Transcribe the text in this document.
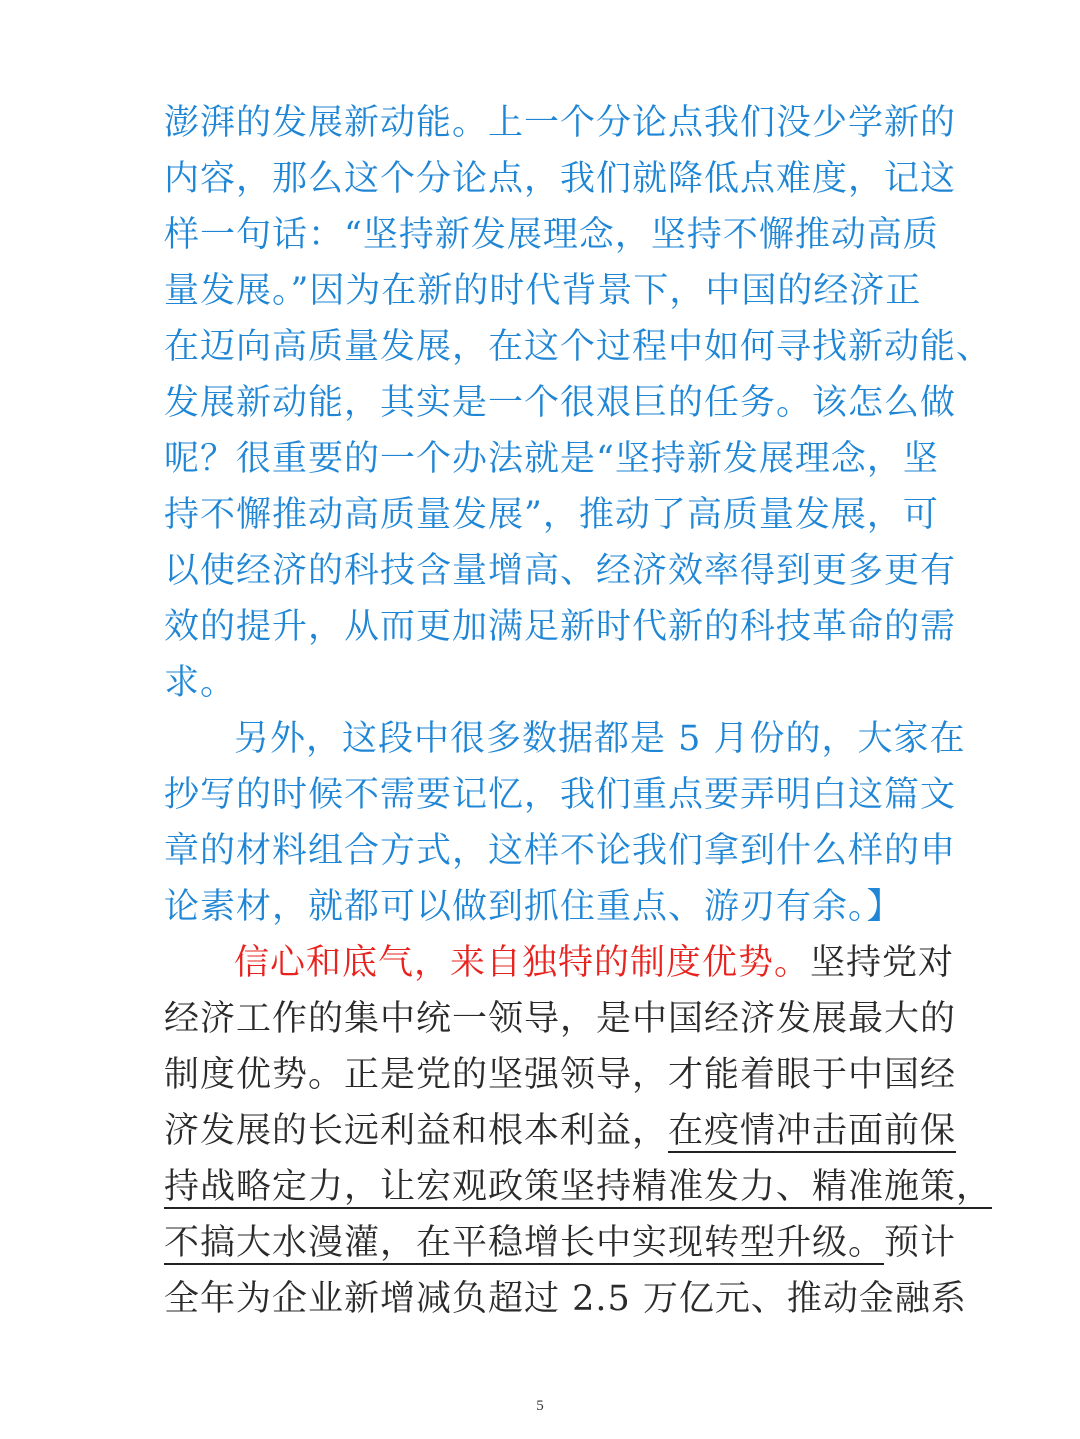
澎湃的发展新动能。上一个分论点我们没少学新的
内容，那么这个分论点，我们就降低点难度，记这
样一句话：“坚持新发展理念，坚持不懈推动高质
量发展。”因为在新的时代背景下，中国的经济正
在迈向高质量发展，在这个过程中如何寻找新动能、
发展新动能，其实是一个很艰巨的任务。该怎么做
呢？很重要的一个办法就是“坚持新发展理念，坚
持不懈推动高质量发展”，推动了高质量发展，可
以使经济的科技含量增高、经济效率得到更多更有
效的提升，从而更加满足新时代新的科技革命的需
求。
另外，这段中很多数据都是 5 月份的，大家在
抄写的时候不需要记忆，我们重点要弄明白这篇文
章的材料组合方式，这样不论我们拿到什么样的申
论素材，就都可以做到抓住重点、游刃有余。】
信心和底气，来自独特的制度优势。坚持党对
经济工作的集中统一领导，是中国经济发展最大的
制度优势。正是党的坚强领导，才能着眼于中国经
济发展的长远利益和根本利益，在疫情冲击面前保
持战略定力，让宏观政策坚持精准发力、精准施策，
不搞大水漫灌，在平稳增长中实现转型升级。预计
全年为企业新增减负超过 2.5 万亿元、推动金融系
5
